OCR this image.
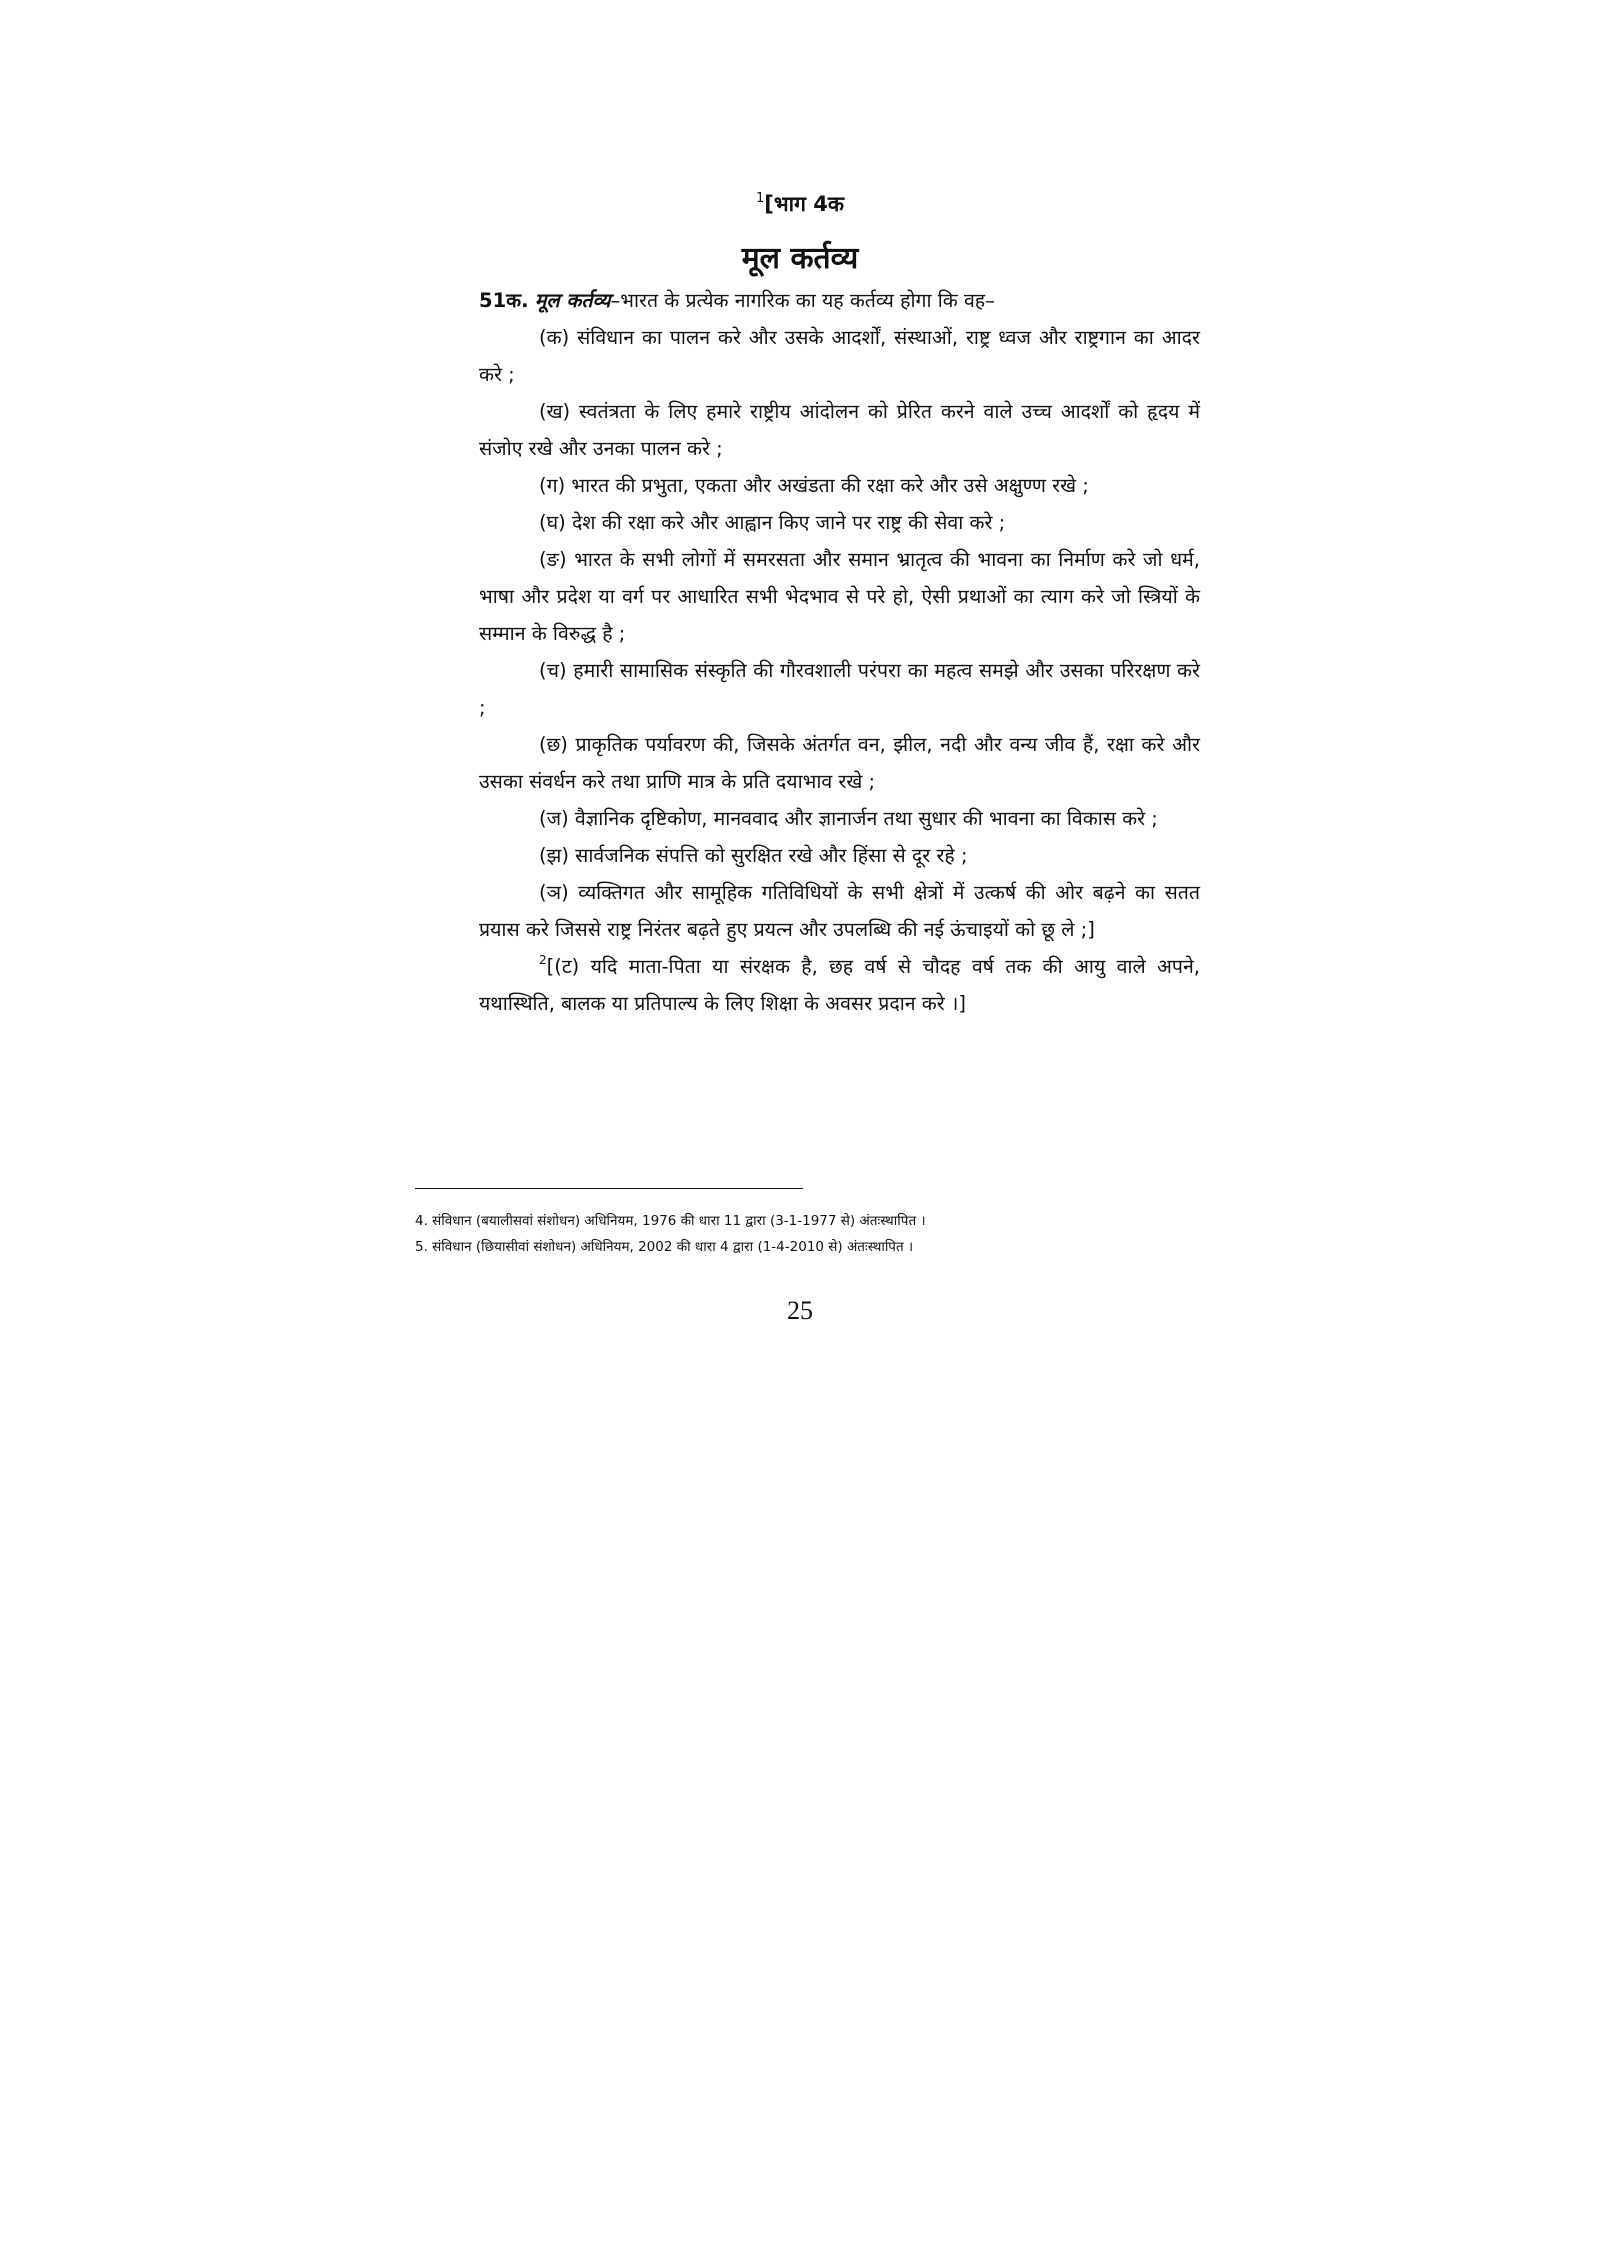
$^1$[भाग 4क
मूल कर्तव्य

51क. मूल कर्तव्य–भारत के प्रत्येक नागरिक का यह कर्तव्य होगा कि वह–

(क) संविधान का पालन करे और उसके आदर्शों, संस्थाओं, राष्ट्र ध्वज और राष्ट्रगान का आदर करे ;

(ख) स्वतंत्रता के लिए हमारे राष्ट्रीय आंदोलन को प्रेरित करने वाले उच्च आदर्शों को हृदय में संजोए रखे और उनका पालन करे ;

(ग) भारत की प्रभुता, एकता और अखंडता की रक्षा करे और उसे अक्षुण्ण रखे ;

(घ) देश की रक्षा करे और आह्वान किए जाने पर राष्ट्र की सेवा करे ;

(ङ) भारत के सभी लोगों में समरसता और समान भ्रातृत्व की भावना का निर्माण करे जो धर्म, भाषा और प्रदेश या वर्ग पर आधारित सभी भेदभाव से परे हो, ऐसी प्रथाओं का त्याग करे जो स्त्रियों के सम्मान के विरुद्ध है ;

(च) हमारी सामासिक संस्कृति की गौरवशाली परंपरा का महत्व समझे और उसका परिरक्षण करे ;

(छ) प्राकृतिक पर्यावरण की, जिसके अंतर्गत वन, झील, नदी और वन्य जीव हैं, रक्षा करे और उसका संवर्धन करे तथा प्राणि मात्र के प्रति दयाभाव रखे ;

(ज) वैज्ञानिक दृष्टिकोण, मानववाद और ज्ञानार्जन तथा सुधार की भावना का विकास करे ;

(झ) सार्वजनिक संपत्ति को सुरक्षित रखे और हिंसा से दूर रहे ;

(ञ) व्यक्तिगत और सामूहिक गतिविधियों के सभी क्षेत्रों में उत्कर्ष की ओर बढ़ने का सतत प्रयास करे जिससे राष्ट्र निरंतर बढ़ते हुए प्रयत्न और उपलब्धि की नई ऊंचाइयों को छू ले ;]

$^2$[(ट) यदि माता-पिता या संरक्षक है, छह वर्ष से चौदह वर्ष तक की आयु वाले अपने, यथास्थिति, बालक या प्रतिपाल्य के लिए शिक्षा के अवसर प्रदान करे ।]

4. संविधान (बयालीसवां संशोधन) अधिनियम, 1976 की धारा 11 द्वारा (3-1-1977 से) अंतःस्थापित ।

5. संविधान (छियासीवां संशोधन) अधिनियम, 2002 की धारा 4 द्वारा (1-4-2010 से) अंतःस्थापित ।

25
